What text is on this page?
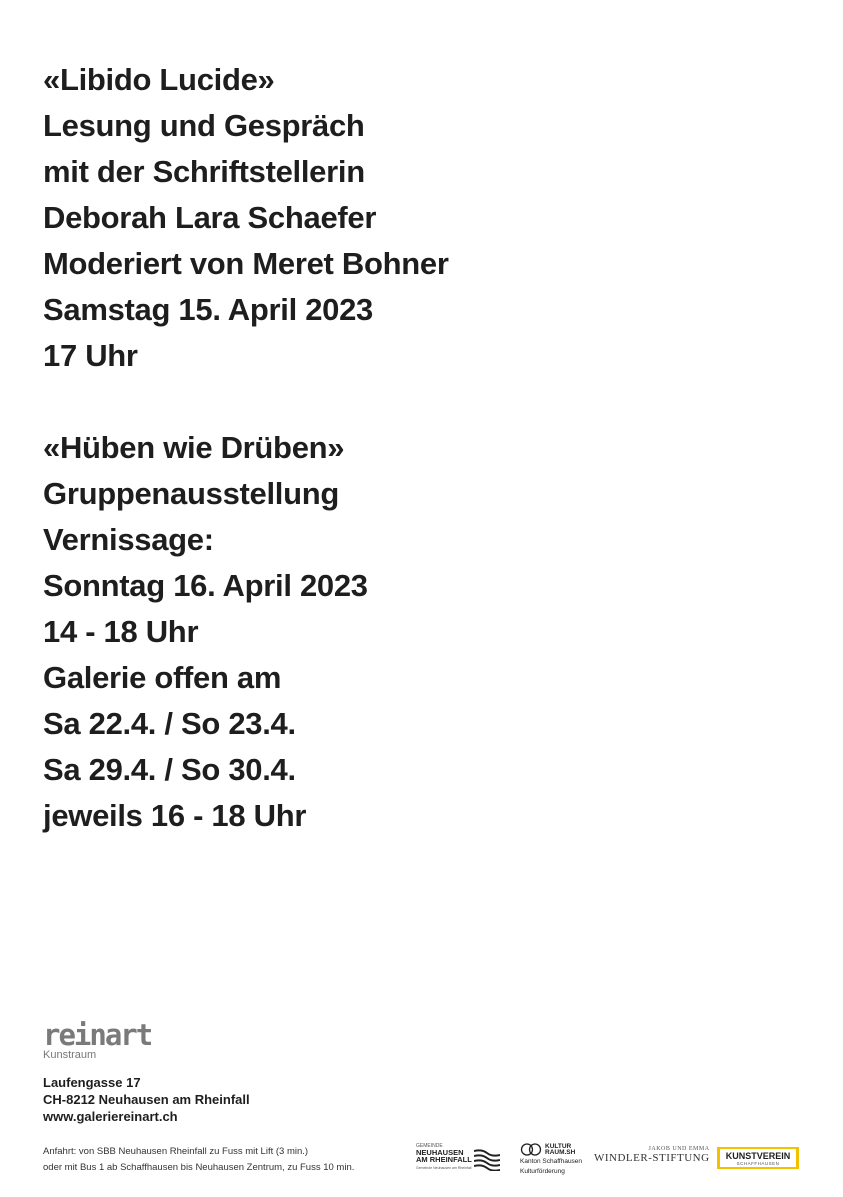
«Libido Lucide»
Lesung und Gespräch
mit der Schriftstellerin
Deborah Lara Schaefer
Moderiert von Meret Bohner
Samstag 15. April 2023
17 Uhr
«Hüben wie Drüben»
Gruppenausstellung
Vernissage:
Sonntag 16. April 2023
14 - 18 Uhr
Galerie offen am
Sa 22.4. / So 23.4.
Sa 29.4. / So 30.4.
jeweils 16 - 18 Uhr
reinart
Kunstraum
Laufengasse 17
CH-8212 Neuhausen am Rheinfall
www.galeriereinart.ch
Anfahrt: von SBB Neuhausen Rheinfall zu Fuss mit Lift (3 min.)
oder mit Bus 1 ab Schaffhausen bis Neuhausen Zentrum, zu Fuss 10 min.
GEMEINDE
NEUHAUSEN
AM RHEINFALL
Gemeinde Neuhausen am Rheinfall
KULTUR
RAUM.SH
Kanton Schaffhausen
Kulturförderung
JAKOB UND EMMA
WINDLER-STIFTUNG	KUNSTVEREIN
SCHAFFHAUSEN
